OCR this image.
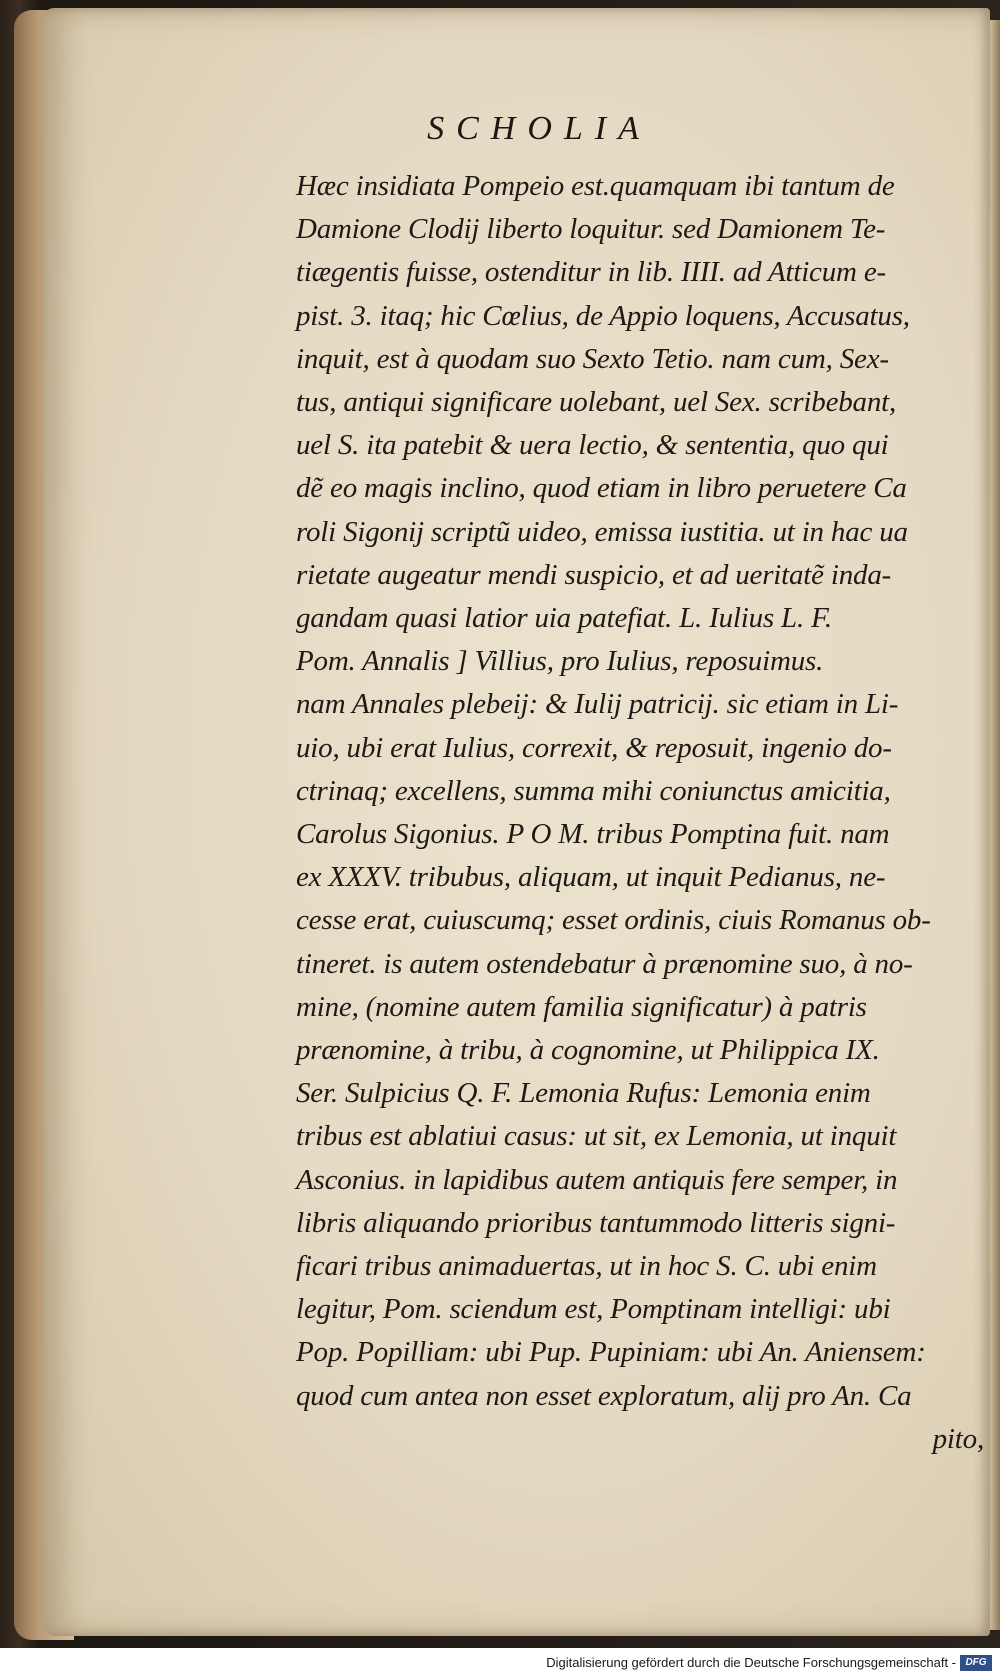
SCHOLIA
Hæc insidiata Pompeio est.quamquam ibi tantum de
Damione Clodij liberto loquitur. sed Damionem Te-
tiægentis fuisse, ostenditur in lib. IIII. ad Atticum e-
pist. 3. itaq; hic Cœlius, de Appio loquens, Accusatus,
inquit, est à quodam suo Sexto Tetio. nam cum, Sex-
tus, antiqui significare uolebant, uel Sex. scribebant,
uel S. ita patebit & uera lectio, & sententia, quo qui
dẽ eo magis inclino, quod etiam in libro peruetere Ca
roli Sigonij scriptũ uideo, emissa iustitia. ut in hac ua
rietate augeatur mendi suspicio, et ad ueritatẽ inda-
gandam quasi latior uia patefiat. L. Iulius L. F.
Pom. Annalis ] Villius, pro Iulius, reposuimus.
nam Annales plebeij: & Iulij patricij. sic etiam in Li-
uio, ubi erat Iulius, correxit, & reposuit, ingenio do-
ctrinaq; excellens, summa mihi coniunctus amicitia,
Carolus Sigonius. P O M. tribus Pomptina fuit. nam
ex XXXV. tribubus, aliquam, ut inquit Pedianus, ne-
cesse erat, cuiuscumq; esset ordinis, ciuis Romanus ob-
tineret. is autem ostendebatur à prænomine suo, à no-
mine, (nomine autem familia significatur) à patris
prænomine, à tribu, à cognomine, ut Philippica IX.
Ser. Sulpicius Q. F. Lemonia Rufus: Lemonia enim
tribus est ablatiui casus: ut sit, ex Lemonia, ut inquit
Asconius. in lapidibus autem antiquis fere semper, in
libris aliquando prioribus tantummodo litteris signi-
ficari tribus animaduertas, ut in hoc S. C. ubi enim
legitur, Pom. sciendum est, Pomptinam intelligi: ubi
Pop. Popilliam: ubi Pup. Pupiniam: ubi An. Aniensem:
quod cum antea non esset exploratum, alij pro An. Ca
pito,
Digitalisierung gefördert durch die Deutsche Forschungsgemeinschaft - DFG
